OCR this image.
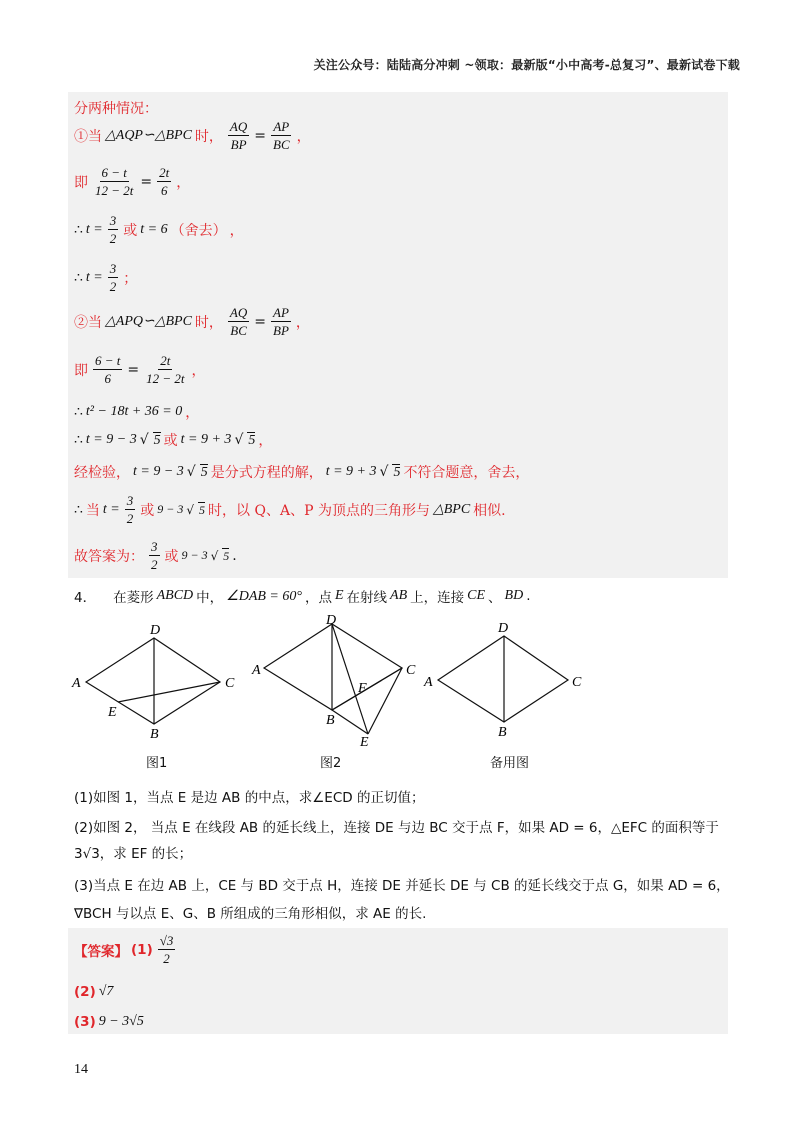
关注公众号：陆陆高分冲刺 ~领取：最新版“小中高考-总复习”、最新试卷下载
分两种情况：
①当 △AQP∽△BPC 时， $\frac{AQ}{BP} = \frac{AP}{BC}$ ，
即 $\frac{6 - t}{12 - 2t} = \frac{2t}{6}$ ，
∴ $t = \frac{3}{2}$ 或 t = 6 （舍去） ，
∴ $t = \frac{3}{2}$ ；
②当 △APQ∽△BPC 时， $\frac{AQ}{BC} = \frac{AP}{BP}$ ，
即 $\frac{6 - t}{6} = \frac{2t}{12 - 2t}$ ，
∴ t² − 18t + 36 = 0 ，
∴ t = 9 − 3 √ 5 或 t = 9 + 3 √ 5 ，
经检验， t = 9 − 3 √ 5 是分式方程的解， t = 9 + 3 √ 5 不符合题意，舍去，
∴ 当 $t = \frac{3}{2}$ 或 9 − 3 √ 5 时，以 Q、A、P 为顶点的三角形与 △BPC 相似.
故答案为： $\frac{3}{2}$ 或 9 − 3 √ 5 .
4． 在菱形 ABCD 中， ∠DAB = 60° ，点 E 在射线 AB 上，连接 CE 、 BD .
A
D
C
B
E
图1
A
D
C
B
E
F
图2
A
D
C
B
备用图
(1)如图 1，当点 E 是边 AB 的中点，求∠ECD 的正切值；
(2)如图 2， 当点 E 在线段 AB 的延长线上，连接 DE 与边 BC 交于点 F，如果 AD = 6，△EFC 的面积等于
3√3，求 EF 的长；
(3)当点 E 在边 AB 上，CE 与 BD 交于点 H，连接 DE 并延长 DE 与 CB 的延长线交于点 G，如果 AD = 6，
∇BCH 与以点 E、G、B 所组成的三角形相似，求 AE 的长.
【答案】 $(1) \frac{√3}{2}$
(2) √7
(3) 9 − 3√5
14
